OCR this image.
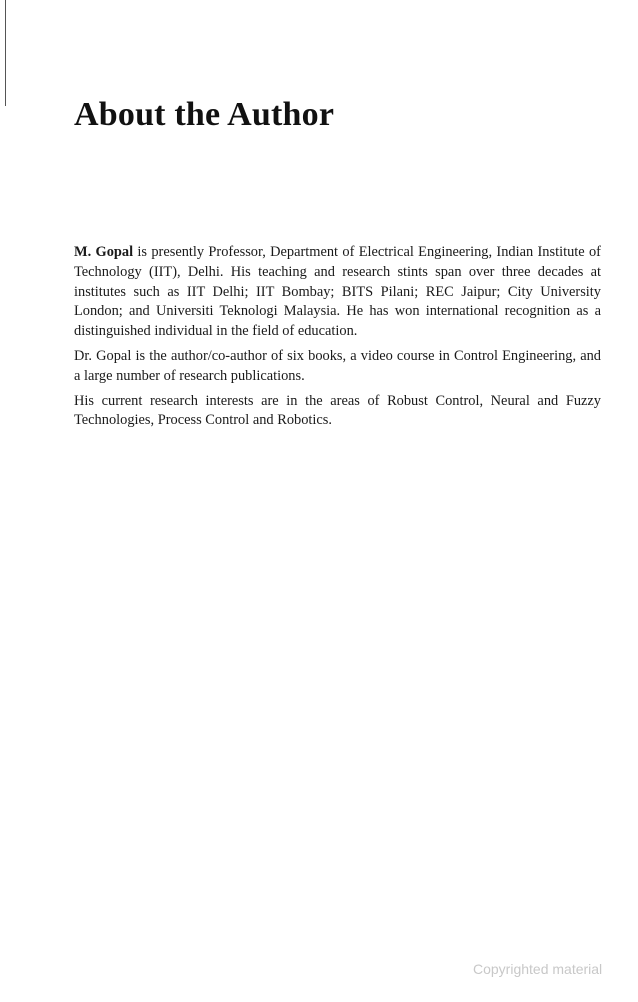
About the Author

M. Gopal is presently Professor, Department of Electrical Engineering, Indian Institute of Technology (IIT), Delhi. His teaching and research stints span over three decades at institutes such as IIT Delhi; IIT Bombay; BITS Pilani; REC Jaipur; City University London; and Universiti Teknologi Malaysia. He has won international recognition as a distinguished individual in the field of education.

Dr. Gopal is the author/co-author of six books, a video course in Control Engineering, and a large number of research publications.

His current research interests are in the areas of Robust Control, Neural and Fuzzy Technologies, Process Control and Robotics.

Copyrighted material
